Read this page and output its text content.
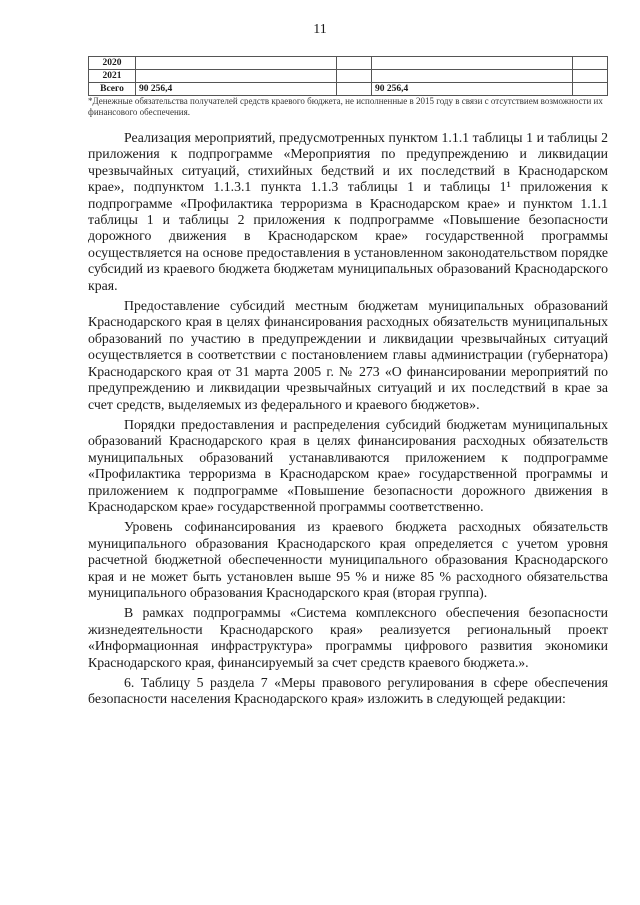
11
2020				
2021				
Всего	90 256,4		90 256,4	
*Денежные обязательства получателей средств краевого бюджета, не исполненные в 2015 году в связи с отсутствием возможности их финансового обеспечения.

Реализация мероприятий, предусмотренных пунктом 1.1.1 таблицы 1 и таблицы 2 приложения к подпрограмме «Мероприятия по предупреждению и ликвидации чрезвычайных ситуаций, стихийных бедствий и их последствий в Краснодарском крае», подпунктом 1.1.3.1 пункта 1.1.3 таблицы 1 и таблицы 1¹ приложения к подпрограмме «Профилактика терроризма в Краснодарском крае» и пунктом 1.1.1 таблицы 1 и таблицы 2 приложения к подпрограмме «Повышение безопасности дорожного движения в Краснодарском крае» государственной программы осуществляется на основе предоставления в установленном законодательством порядке субсидий из краевого бюджета бюджетам муниципальных образований Краснодарского края.

Предоставление субсидий местным бюджетам муниципальных образований Краснодарского края в целях финансирования расходных обязательств муниципальных образований по участию в предупреждении и ликвидации чрезвычайных ситуаций осуществляется в соответствии с постановлением главы администрации (губернатора) Краснодарского края от 31 марта 2005 г. № 273 «О финансировании мероприятий по предупреждению и ликвидации чрезвычайных ситуаций и их последствий в крае за счет средств, выделяемых из федерального и краевого бюджетов».

Порядки предоставления и распределения субсидий бюджетам муниципальных образований Краснодарского края в целях финансирования расходных обязательств муниципальных образований устанавливаются приложением к подпрограмме «Профилактика терроризма в Краснодарском крае» государственной программы и приложением к подпрограмме «Повышение безопасности дорожного движения в Краснодарском крае» государственной программы соответственно.

Уровень софинансирования из краевого бюджета расходных обязательств муниципального образования Краснодарского края определяется с учетом уровня расчетной бюджетной обеспеченности муниципального образования Краснодарского края и не может быть установлен выше 95 % и ниже 85 % расходного обязательства муниципального образования Краснодарского края (вторая группа).

В рамках подпрограммы «Система комплексного обеспечения безопасности жизнедеятельности Краснодарского края» реализуется региональный проект «Информационная инфраструктура» программы цифрового развития экономики Краснодарского края, финансируемый за счет средств краевого бюджета.».

6. Таблицу 5 раздела 7 «Меры правового регулирования в сфере обеспечения безопасности населения Краснодарского края» изложить в следующей редакции:
